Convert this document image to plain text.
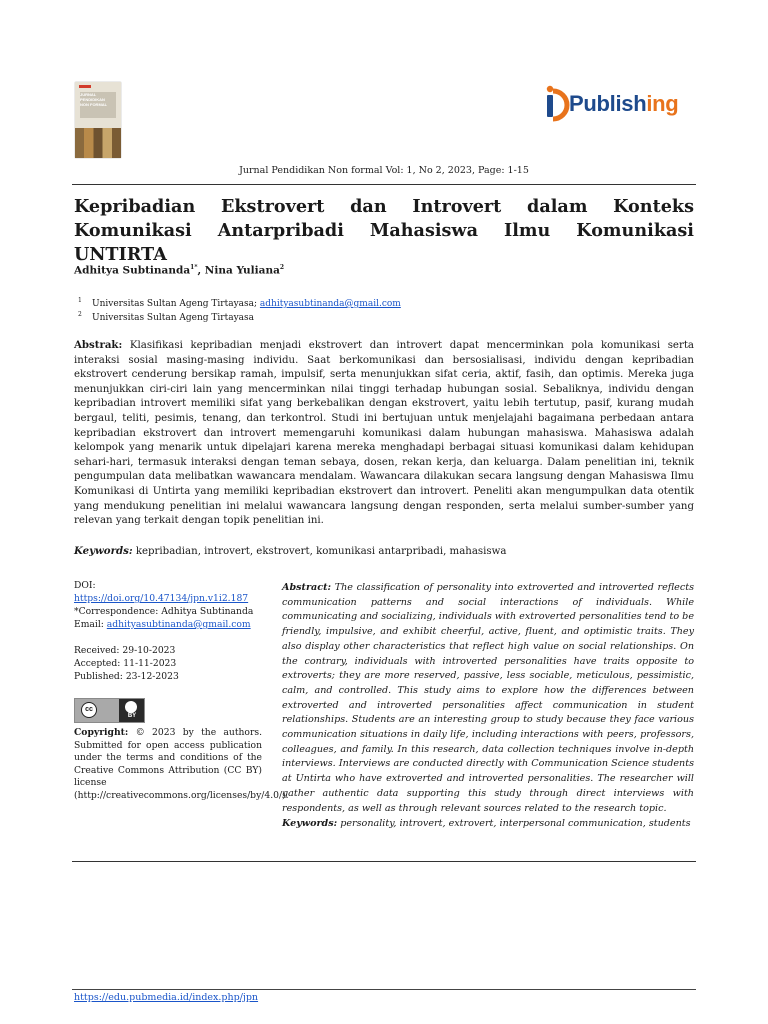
JURNAL
PENDIDIKAN
NON FORMAL	Publishing
Jurnal Pendidikan Non formal Vol: 1, No 2, 2023, Page: 1-15
Kepribadian Ekstrovert dan Introvert dalam Konteks Komunikasi Antarpribadi Mahasiswa Ilmu Komunikasi UNTIRTA
Adhitya Subtinanda$^{1*}$, Nina Yuliana$^2$
1 Universitas Sultan Ageng Tirtayasa; adhityasubtinanda@gmail.com
2 Universitas Sultan Ageng Tirtayasa
Abstrak: Klasifikasi kepribadian menjadi ekstrovert dan introvert dapat mencerminkan pola komunikasi serta interaksi sosial masing-masing individu. Saat berkomunikasi dan bersosialisasi, individu dengan kepribadian ekstrovert cenderung bersikap ramah, impulsif, serta menunjukkan sifat ceria, aktif, fasih, dan optimis. Mereka juga menunjukkan ciri-ciri lain yang mencerminkan nilai tinggi terhadap hubungan sosial. Sebaliknya, individu dengan kepribadian introvert memiliki sifat yang berkebalikan dengan ekstrovert, yaitu lebih tertutup, pasif, kurang mudah bergaul, teliti, pesimis, tenang, dan terkontrol. Studi ini bertujuan untuk menjelajahi bagaimana perbedaan antara kepribadian ekstrovert dan introvert memengaruhi komunikasi dalam hubungan mahasiswa. Mahasiswa adalah kelompok yang menarik untuk dipelajari karena mereka menghadapi berbagai situasi komunikasi dalam kehidupan sehari-hari, termasuk interaksi dengan teman sebaya, dosen, rekan kerja, dan keluarga. Dalam penelitian ini, teknik pengumpulan data melibatkan wawancara mendalam. Wawancara dilakukan secara langsung dengan Mahasiswa Ilmu Komunikasi di Untirta yang memiliki kepribadian ekstrovert dan introvert. Peneliti akan mengumpulkan data otentik yang mendukung penelitian ini melalui wawancara langsung dengan responden, serta melalui sumber-sumber yang relevan yang terkait dengan topik penelitian ini.
Keywords: kepribadian, introvert, ekstrovert, komunikasi antarpribadi, mahasiswa
DOI:
https://doi.org/10.47134/jpn.v1i2.187
*Correspondence: Adhitya Subtinanda
Email: adhityasubtinanda@gmail.com
Received: 29-10-2023
Accepted: 11-11-2023
Published: 23-12-2023
cc
BY
Copyright: © 2023 by the authors. Submitted for open access publication under the terms and conditions of the Creative Commons Attribution (CC BY) license (http://creativecommons.org/licenses/by/4.0/).
Abstract: The classification of personality into extroverted and introverted reflects communication patterns and social interactions of individuals. While communicating and socializing, individuals with extroverted personalities tend to be friendly, impulsive, and exhibit cheerful, active, fluent, and optimistic traits. They also display other characteristics that reflect high value on social relationships. On the contrary, individuals with introverted personalities have traits opposite to extroverts; they are more reserved, passive, less sociable, meticulous, pessimistic, calm, and controlled. This study aims to explore how the differences between extroverted and introverted personalities affect communication in student relationships. Students are an interesting group to study because they face various communication situations in daily life, including interactions with peers, professors, colleagues, and family. In this research, data collection techniques involve in-depth interviews. Interviews are conducted directly with Communication Science students at Untirta who have extroverted and introverted personalities. The researcher will gather authentic data supporting this study through direct interviews with respondents, as well as through relevant sources related to the research topic.
Keywords: personality, introvert, extrovert, interpersonal communication, students
https://edu.pubmedia.id/index.php/jpn
